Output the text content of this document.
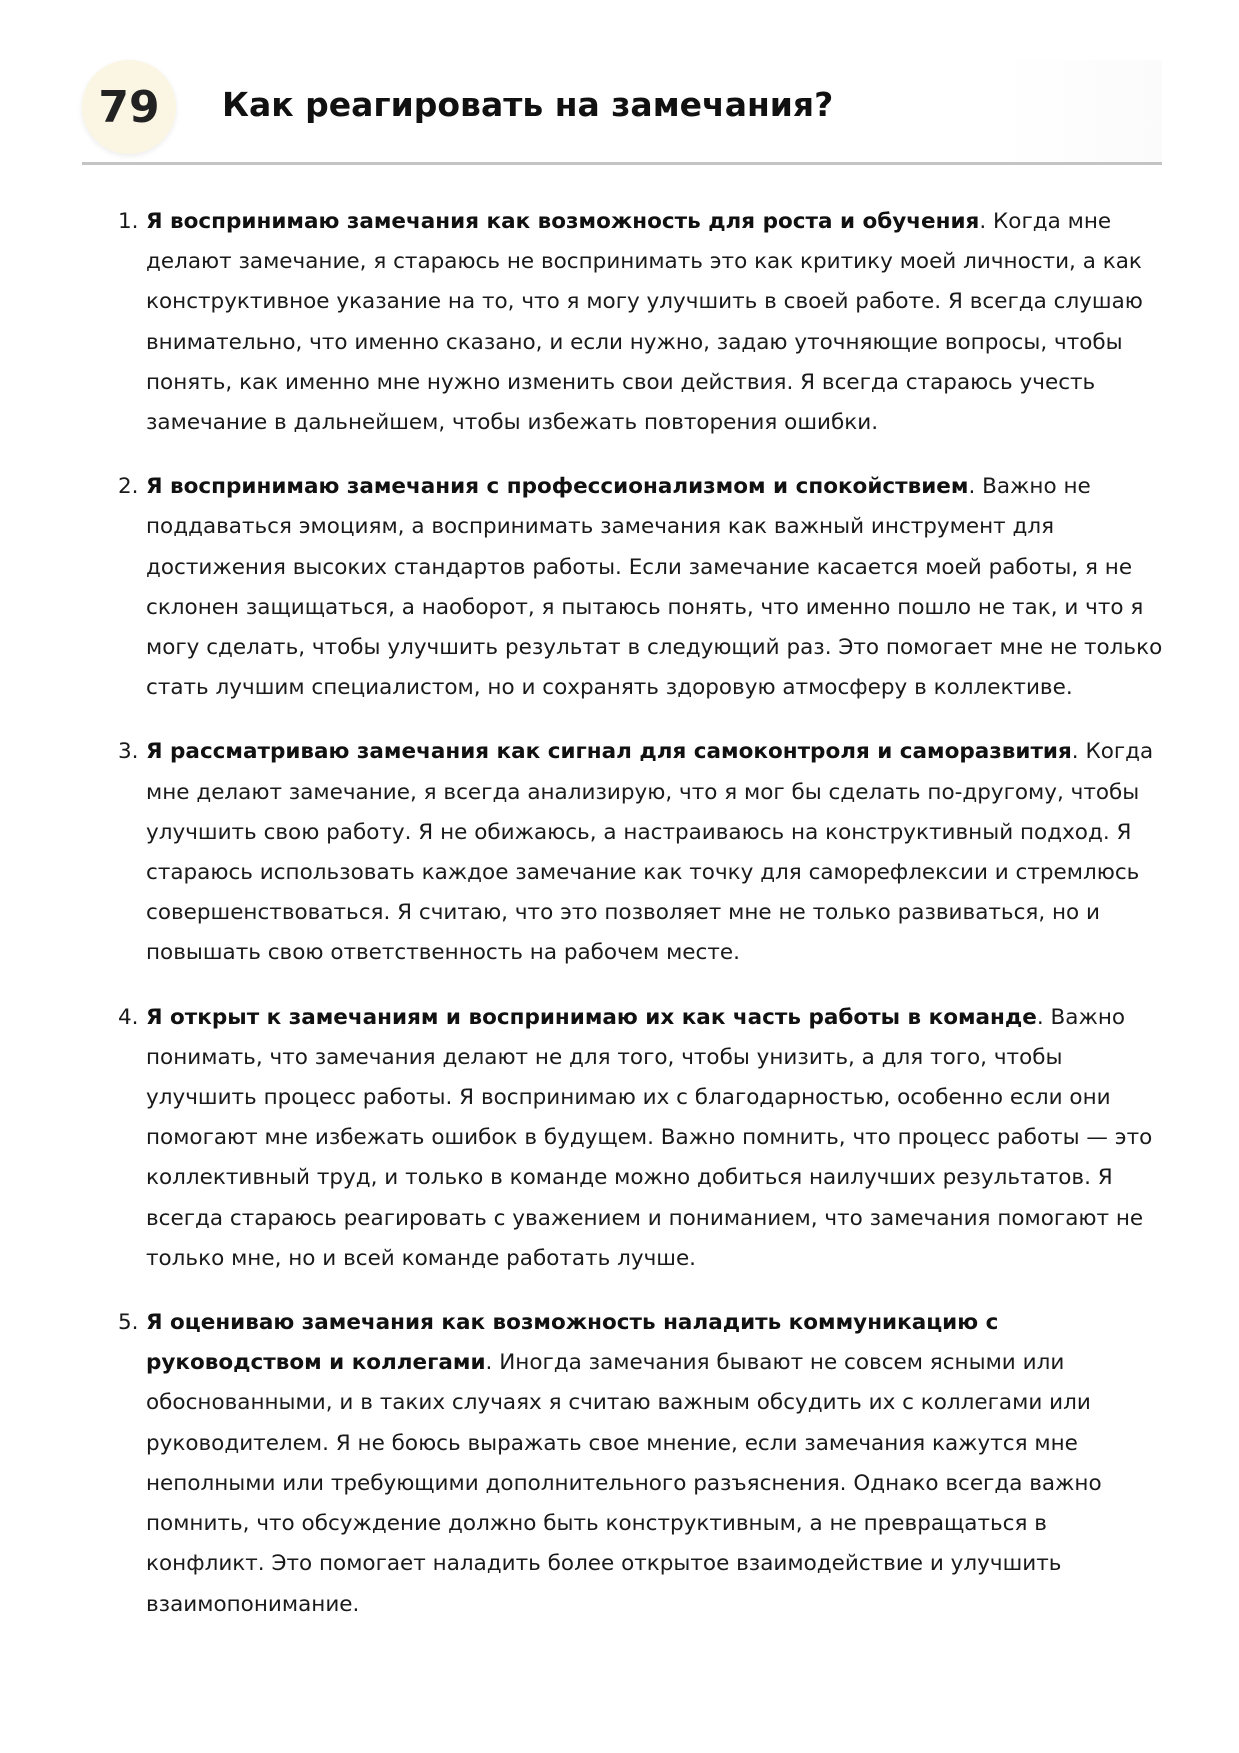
79	Как реагировать на замечания?
1. Я воспринимаю замечания как возможность для роста и обучения. Когда мне делают замечание, я стараюсь не воспринимать это как критику моей личности, а как конструктивное указание на то, что я могу улучшить в своей работе. Я всегда слушаю внимательно, что именно сказано, и если нужно, задаю уточняющие вопросы, чтобы понять, как именно мне нужно изменить свои действия. Я всегда стараюсь учесть замечание в дальнейшем, чтобы избежать повторения ошибки.
2. Я воспринимаю замечания с профессионализмом и спокойствием. Важно не поддаваться эмоциям, а воспринимать замечания как важный инструмент для достижения высоких стандартов работы. Если замечание касается моей работы, я не склонен защищаться, а наоборот, я пытаюсь понять, что именно пошло не так, и что я могу сделать, чтобы улучшить результат в следующий раз. Это помогает мне не только стать лучшим специалистом, но и сохранять здоровую атмосферу в коллективе.
3. Я рассматриваю замечания как сигнал для самоконтроля и саморазвития. Когда мне делают замечание, я всегда анализирую, что я мог бы сделать по-другому, чтобы улучшить свою работу. Я не обижаюсь, а настраиваюсь на конструктивный подход. Я стараюсь использовать каждое замечание как точку для саморефлексии и стремлюсь совершенствоваться. Я считаю, что это позволяет мне не только развиваться, но и повышать свою ответственность на рабочем месте.
4. Я открыт к замечаниям и воспринимаю их как часть работы в команде. Важно понимать, что замечания делают не для того, чтобы унизить, а для того, чтобы улучшить процесс работы. Я воспринимаю их с благодарностью, особенно если они помогают мне избежать ошибок в будущем. Важно помнить, что процесс работы — это коллективный труд, и только в команде можно добиться наилучших результатов. Я всегда стараюсь реагировать с уважением и пониманием, что замечания помогают не только мне, но и всей команде работать лучше.
5. Я оцениваю замечания как возможность наладить коммуникацию с руководством и коллегами. Иногда замечания бывают не совсем ясными или обоснованными, и в таких случаях я считаю важным обсудить их с коллегами или руководителем. Я не боюсь выражать свое мнение, если замечания кажутся мне неполными или требующими дополнительного разъяснения. Однако всегда важно помнить, что обсуждение должно быть конструктивным, а не превращаться в конфликт. Это помогает наладить более открытое взаимодействие и улучшить взаимопонимание.
